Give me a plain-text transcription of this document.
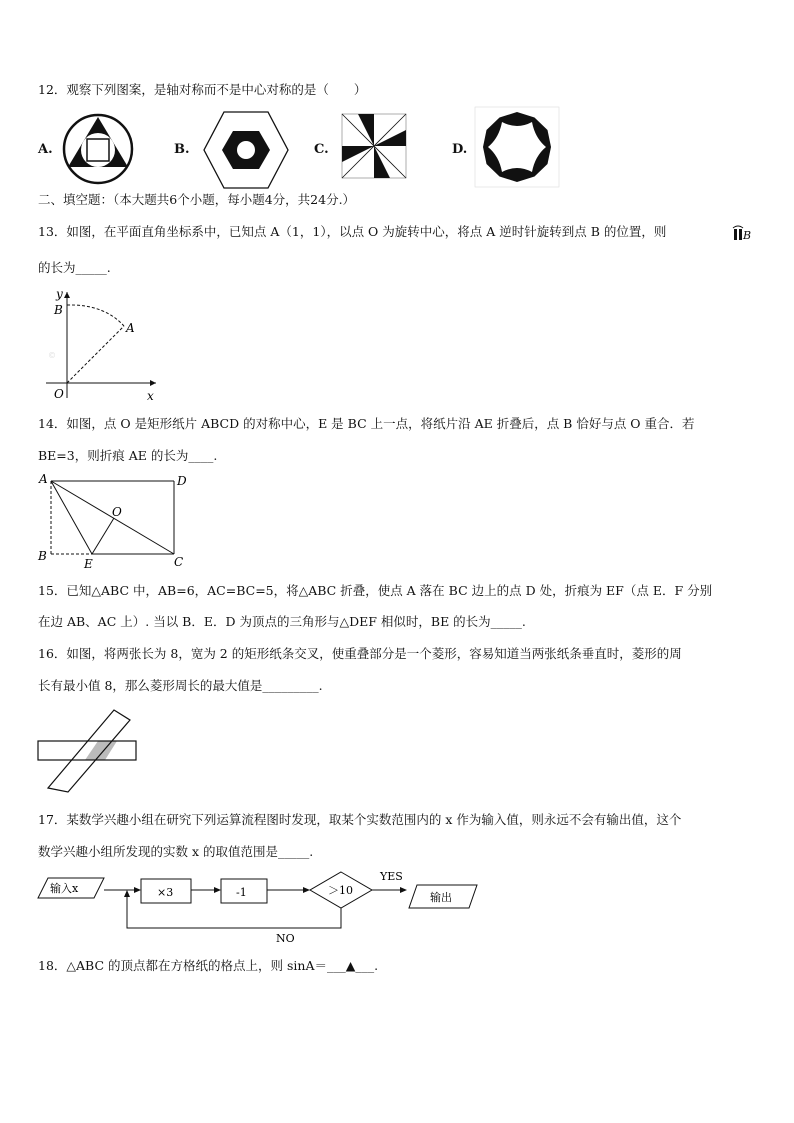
12．观察下列图案，是轴对称而不是中心对称的是（　　）
A.	B.	C.	D.
二、填空题：（本大题共6个小题，每小题4分，共24分.）
13．如图，在平面直角坐标系中，已知点 A（1，1），以点 O 为旋转中心，将点 A 逆时针旋转到点 B 的位置，则	B
的长为_____.
©
y
B
A
O	x
14．如图，点 O 是矩形纸片 ABCD 的对称中心，E 是 BC 上一点，将纸片沿 AE 折叠后，点 B 恰好与点 O 重合．若
BE=3，则折痕 AE 的长为____.
A	D
O
B
E	C
15．已知△ABC 中，AB=6，AC=BC=5，将△ABC 折叠，使点 A 落在 BC 边上的点 D 处，折痕为 EF（点 E．F 分别
在边 AB、AC 上）. 当以 B．E．D 为顶点的三角形与△DEF 相似时，BE 的长为_____.
16．如图，将两张长为 8，宽为 2 的矩形纸条交叉，使重叠部分是一个菱形，容易知道当两张纸条垂直时，菱形的周
长有最小值 8，那么菱形周长的最大值是_________.
17．某数学兴趣小组在研究下列运算流程图时发现，取某个实数范围内的 x 作为输入值，则永远不会有输出值，这个
数学兴趣小组所发现的实数 x 的取值范围是_____.
输入x	×3	-1	＞10
YES
输出
NO
18．△ABC 的顶点都在方格纸的格点上，则 sinA＝___▲___.
